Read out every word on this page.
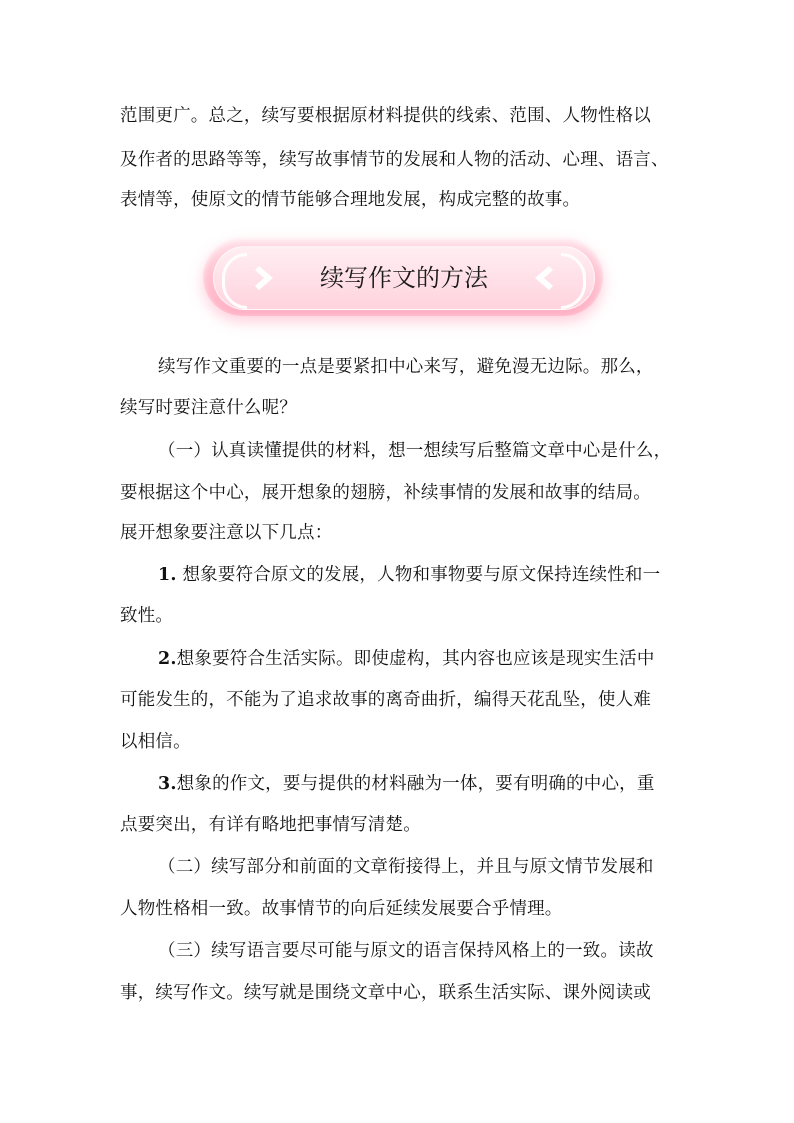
范围更广。总之，续写要根据原材料提供的线索、范围、人物性格以
及作者的思路等等，续写故事情节的发展和人物的活动、心理、语言、
表情等，使原文的情节能够合理地发展，构成完整的故事。
续写作文的方法
续写作文重要的一点是要紧扣中心来写，避免漫无边际。那么，
续写时要注意什么呢？
（一）认真读懂提供的材料，想一想续写后整篇文章中心是什么，
要根据这个中心，展开想象的翅膀，补续事情的发展和故事的结局。
展开想象要注意以下几点：
1. 想象要符合原文的发展，人物和事物要与原文保持连续性和一
致性。
2.想象要符合生活实际。即使虚构，其内容也应该是现实生活中
可能发生的，不能为了追求故事的离奇曲折，编得天花乱坠，使人难
以相信。
3.想象的作文，要与提供的材料融为一体，要有明确的中心，重
点要突出，有详有略地把事情写清楚。
（二）续写部分和前面的文章衔接得上，并且与原文情节发展和
人物性格相一致。故事情节的向后延续发展要合乎情理。
（三）续写语言要尽可能与原文的语言保持风格上的一致。读故
事，续写作文。续写就是围绕文章中心，联系生活实际、课外阅读或
